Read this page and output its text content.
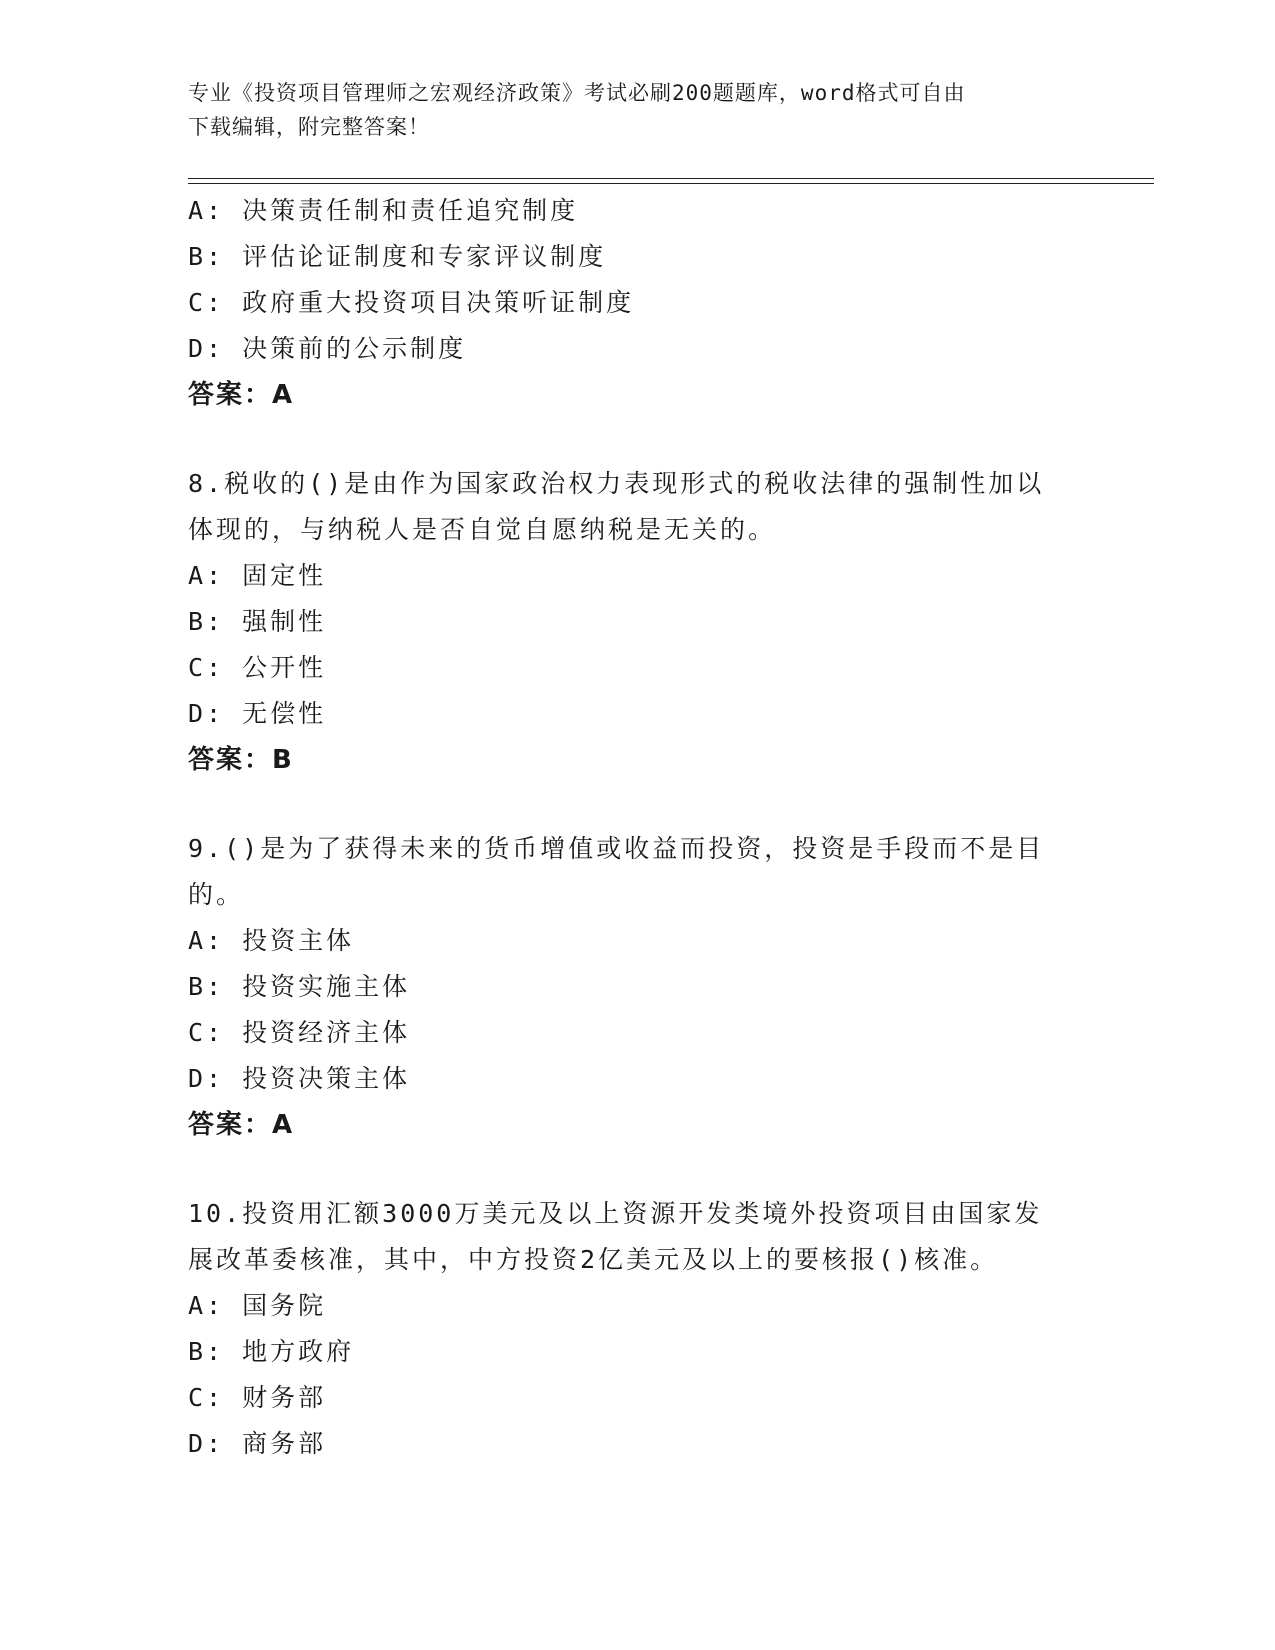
专业《投资项目管理师之宏观经济政策》考试必刷200题题库，word格式可自由
下载编辑，附完整答案！
A: 决策责任制和责任追究制度
B: 评估论证制度和专家评议制度
C: 政府重大投资项目决策听证制度
D: 决策前的公示制度
答案：A
8.税收的()是由作为国家政治权力表现形式的税收法律的强制性加以
体现的，与纳税人是否自觉自愿纳税是无关的。
A: 固定性
B: 强制性
C: 公开性
D: 无偿性
答案：B
9.()是为了获得未来的货币增值或收益而投资，投资是手段而不是目
的。
A: 投资主体
B: 投资实施主体
C: 投资经济主体
D: 投资决策主体
答案：A
10.投资用汇额3000万美元及以上资源开发类境外投资项目由国家发
展改革委核准，其中，中方投资2亿美元及以上的要核报()核准。
A: 国务院
B: 地方政府
C: 财务部
D: 商务部
